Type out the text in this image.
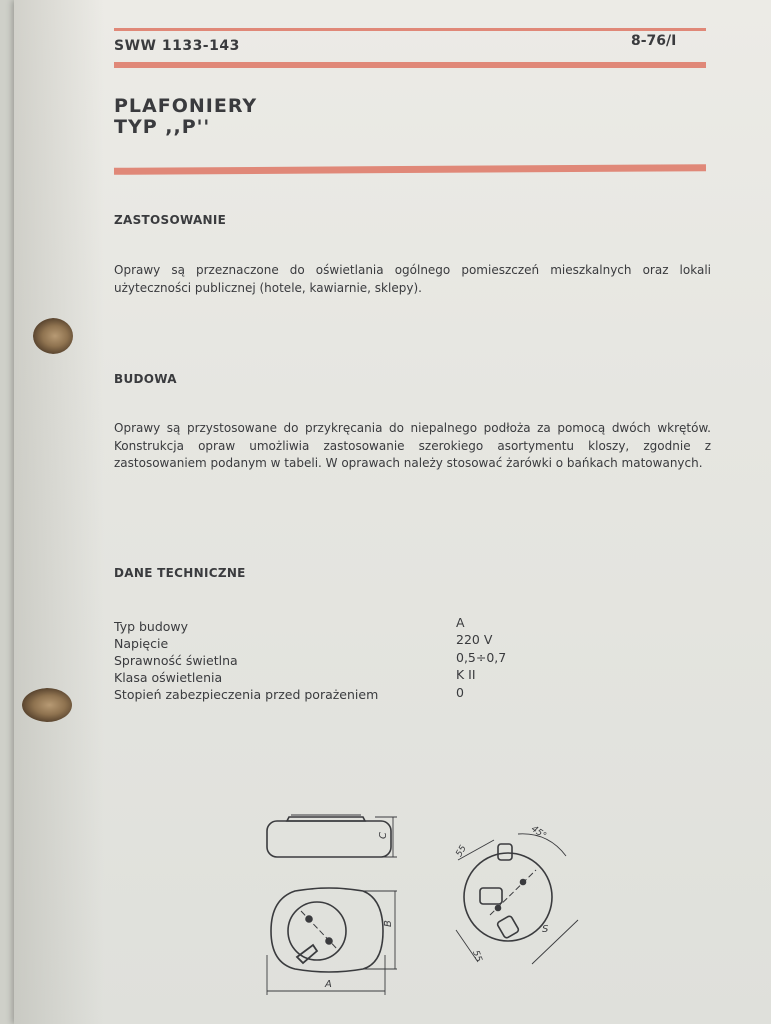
SWW 1133-143	8-76/I
PLAFONIERY
TYP ,,P''
ZASTOSOWANIE
Oprawy są przeznaczone do oświetlania ogólnego pomieszczeń mieszkalnych oraz lokali użyteczności publicznej (hotele, kawiarnie, sklepy).
BUDOWA
Oprawy są przystosowane do przykręcania do niepalnego podłoża za pomocą dwóch wkrętów. Konstrukcja opraw umożliwia zastosowanie szerokiego asortymentu kloszy, zgodnie z zastosowaniem podanym w tabeli. W oprawach należy stosować żarówki o bańkach matowanych.
DANE TECHNICZNE
Typ budowy	A
Napięcie	220 V
Sprawność świetlna	0,5÷0,7
Klasa oświetlenia	K II
Stopień zabezpieczenia przed porażeniem	0
C
B
A
55
45°
S
55
